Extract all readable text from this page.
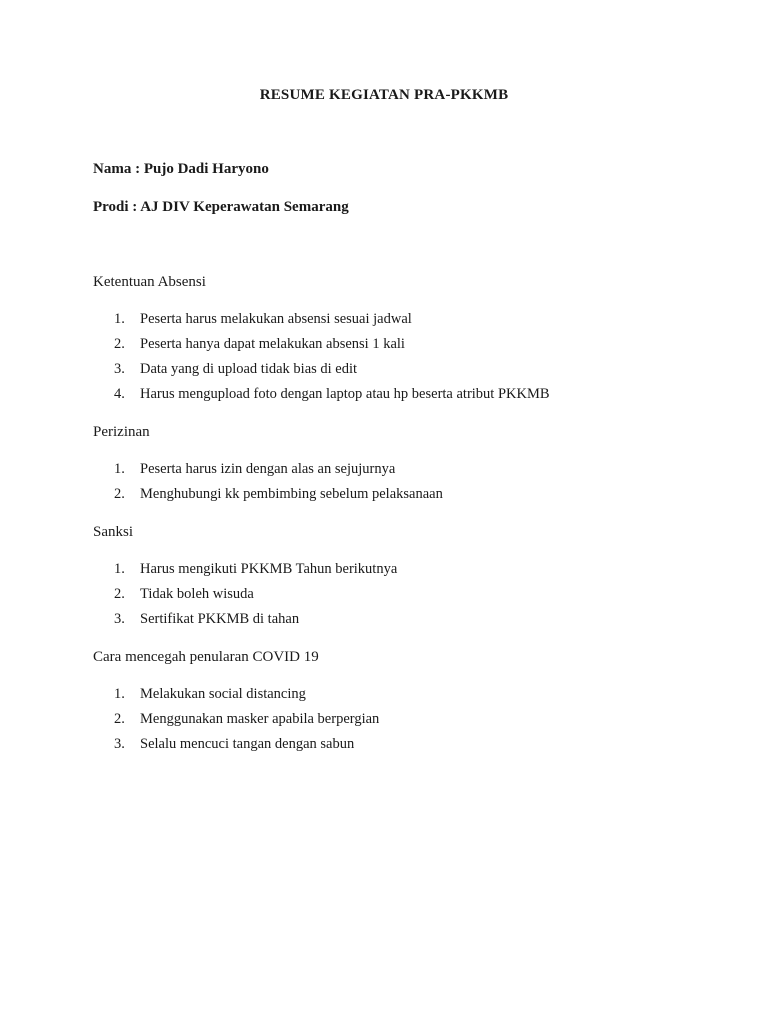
RESUME KEGIATAN PRA-PKKMB
Nama : Pujo Dadi Haryono
Prodi : AJ DIV Keperawatan Semarang
Ketentuan Absensi
1. Peserta harus melakukan absensi sesuai jadwal
2. Peserta hanya dapat melakukan absensi 1 kali
3. Data yang di upload tidak bias di edit
4. Harus mengupload foto dengan laptop atau hp beserta atribut PKKMB
Perizinan
1. Peserta harus izin dengan alas an sejujurnya
2. Menghubungi kk pembimbing sebelum pelaksanaan
Sanksi
1. Harus mengikuti PKKMB Tahun berikutnya
2. Tidak boleh wisuda
3. Sertifikat PKKMB di tahan
Cara mencegah penularan COVID 19
1. Melakukan social distancing
2. Menggunakan masker apabila berpergian
3. Selalu mencuci tangan dengan sabun
